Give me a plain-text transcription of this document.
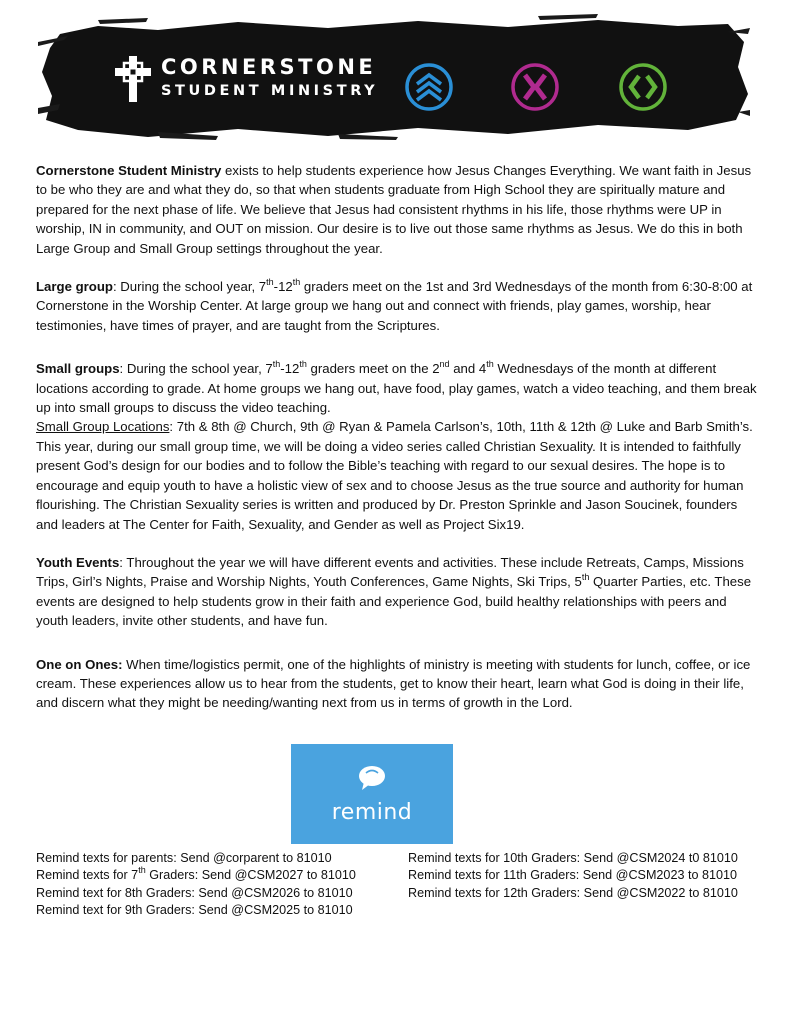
CORNERSTONE
STUDENT MINISTRY

Cornerstone Student Ministry exists to help students experience how Jesus Changes Everything. We want faith in Jesus to be who they are and what they do, so that when students graduate from High School they are spiritually mature and prepared for the next phase of life. We believe that Jesus had consistent rhythms in his life, those rhythms were UP in worship, IN in community, and OUT on mission. Our desire is to live out those same rhythms as Jesus. We do this in both Large Group and Small Group settings throughout the year.

Large group: During the school year, 7th-12th graders meet on the 1st and 3rd Wednesdays of the month from 6:30-8:00 at Cornerstone in the Worship Center. At large group we hang out and connect with friends, play games, worship, hear testimonies, have times of prayer, and are taught from the Scriptures.

Small groups: During the school year, 7th-12th graders meet on the 2nd and 4th Wednesdays of the month at different locations according to grade. At home groups we hang out, have food, play games, watch a video teaching, and them break up into small groups to discuss the video teaching.

Small Group Locations: 7th & 8th @ Church, 9th @ Ryan & Pamela Carlson’s, 10th, 11th & 12th @ Luke and Barb Smith’s.

This year, during our small group time, we will be doing a video series called Christian Sexuality. It is intended to faithfully present God’s design for our bodies and to follow the Bible’s teaching with regard to our sexual desires. The hope is to encourage and equip youth to have a holistic view of sex and to choose Jesus as the true source and authority for human flourishing. The Christian Sexuality series is written and produced by Dr. Preston Sprinkle and Jason Soucinek, founders and leaders at The Center for Faith, Sexuality, and Gender as well as Project Six19.

Youth Events: Throughout the year we will have different events and activities. These include Retreats, Camps, Missions Trips, Girl’s Nights, Praise and Worship Nights, Youth Conferences, Game Nights, Ski Trips, 5th Quarter Parties, etc. These events are designed to help students grow in their faith and experience God, build healthy relationships with peers and youth leaders, invite other students, and have fun.

One on Ones: When time/logistics permit, one of the highlights of ministry is meeting with students for lunch, coffee, or ice cream. These experiences allow us to hear from the students, get to know their heart, learn what God is doing in their life, and discern what they might be needing/wanting next from us in terms of growth in the Lord.

remind
Remind texts for parents: Send @corparent to 81010
Remind texts for 7th Graders: Send @CSM2027 to 81010
Remind text for 8th Graders: Send @CSM2026 to 81010
Remind text for 9th Graders: Send @CSM2025 to 81010
Remind texts for 10th Graders: Send @CSM2024 t0 81010
Remind texts for 11th Graders: Send @CSM2023 to 81010
Remind texts for 12th Graders: Send @CSM2022 to 81010
